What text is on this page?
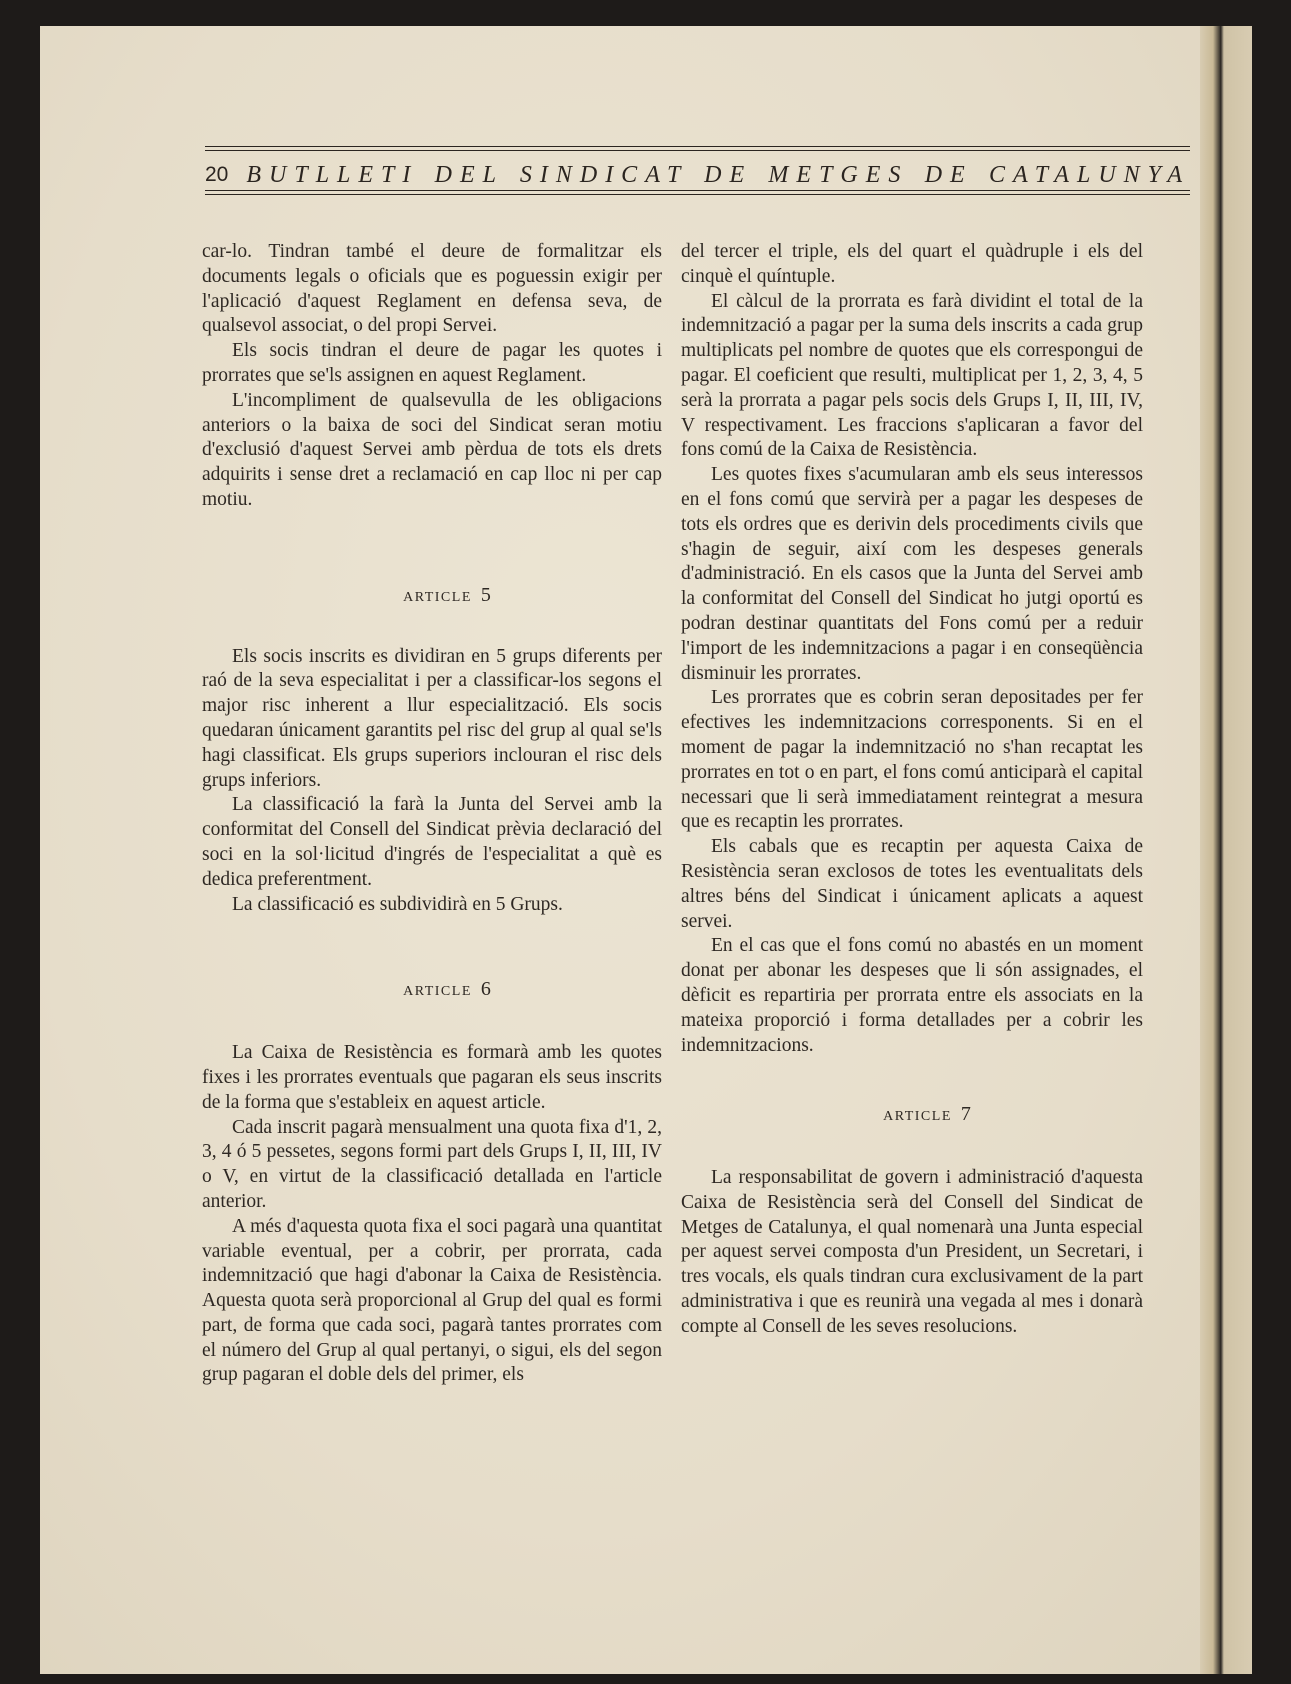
20 BUTLLETI DEL SINDICAT DE METGES DE CATALUNYA

car-lo. Tindran també el deure de formalitzar els documents legals o oficials que es poguessin exigir per l'aplicació d'aquest Reglament en defensa seva, de qualsevol associat, o del propi Servei.

Els socis tindran el deure de pagar les quotes i prorrates que se'ls assignen en aquest Reglament.

L'incompliment de qualsevulla de les obligacions anteriors o la baixa de soci del Sindicat seran motiu d'exclusió d'aquest Servei amb pèrdua de tots els drets adquirits i sense dret a reclamació en cap lloc ni per cap motiu.

ARTICLE 5

Els socis inscrits es dividiran en 5 grups diferents per raó de la seva especialitat i per a classificar-los segons el major risc inherent a llur especialització. Els socis quedaran únicament garantits pel risc del grup al qual se'ls hagi classificat. Els grups superiors inclouran el risc dels grups inferiors.

La classificació la farà la Junta del Servei amb la conformitat del Consell del Sindicat prèvia declaració del soci en la sol·licitud d'ingrés de l'especialitat a què es dedica preferentment.

La classificació es subdividirà en 5 Grups.

ARTICLE 6

La Caixa de Resistència es formarà amb les quotes fixes i les prorrates eventuals que pagaran els seus inscrits de la forma que s'estableix en aquest article.

Cada inscrit pagarà mensualment una quota fixa d'1, 2, 3, 4 ó 5 pessetes, segons formi part dels Grups I, II, III, IV o V, en virtut de la classificació detallada en l'article anterior.

A més d'aquesta quota fixa el soci pagarà una quantitat variable eventual, per a cobrir, per prorrata, cada indemnització que hagi d'abonar la Caixa de Resistència. Aquesta quota serà proporcional al Grup del qual es formi part, de forma que cada soci, pagarà tantes prorrates com el número del Grup al qual pertanyi, o sigui, els del segon grup pagaran el doble dels del primer, els

del tercer el triple, els del quart el quàdruple i els del cinquè el quíntuple.

El càlcul de la prorrata es farà dividint el total de la indemnització a pagar per la suma dels inscrits a cada grup multiplicats pel nombre de quotes que els correspongui de pagar. El coeficient que resulti, multiplicat per 1, 2, 3, 4, 5 serà la prorrata a pagar pels socis dels Grups I, II, III, IV, V respectivament. Les fraccions s'aplicaran a favor del fons comú de la Caixa de Resistència.

Les quotes fixes s'acumularan amb els seus interessos en el fons comú que servirà per a pagar les despeses de tots els ordres que es derivin dels procediments civils que s'hagin de seguir, així com les despeses generals d'administració. En els casos que la Junta del Servei amb la conformitat del Consell del Sindicat ho jutgi oportú es podran destinar quantitats del Fons comú per a reduir l'import de les indemnitzacions a pagar i en conseqüència disminuir les prorrates.

Les prorrates que es cobrin seran depositades per fer efectives les indemnitzacions corresponents. Si en el moment de pagar la indemnització no s'han recaptat les prorrates en tot o en part, el fons comú anticiparà el capital necessari que li serà immediatament reintegrat a mesura que es recaptin les prorrates.

Els cabals que es recaptin per aquesta Caixa de Resistència seran exclosos de totes les eventualitats dels altres béns del Sindicat i únicament aplicats a aquest servei.

En el cas que el fons comú no abastés en un moment donat per abonar les despeses que li són assignades, el dèficit es repartiria per prorrata entre els associats en la mateixa proporció i forma detallades per a cobrir les indemnitzacions.

ARTICLE 7

La responsabilitat de govern i administració d'aquesta Caixa de Resistència serà del Consell del Sindicat de Metges de Catalunya, el qual nomenarà una Junta especial per aquest servei composta d'un President, un Secretari, i tres vocals, els quals tindran cura exclusivament de la part administrativa i que es reunirà una vegada al mes i donarà compte al Consell de les seves resolucions.
